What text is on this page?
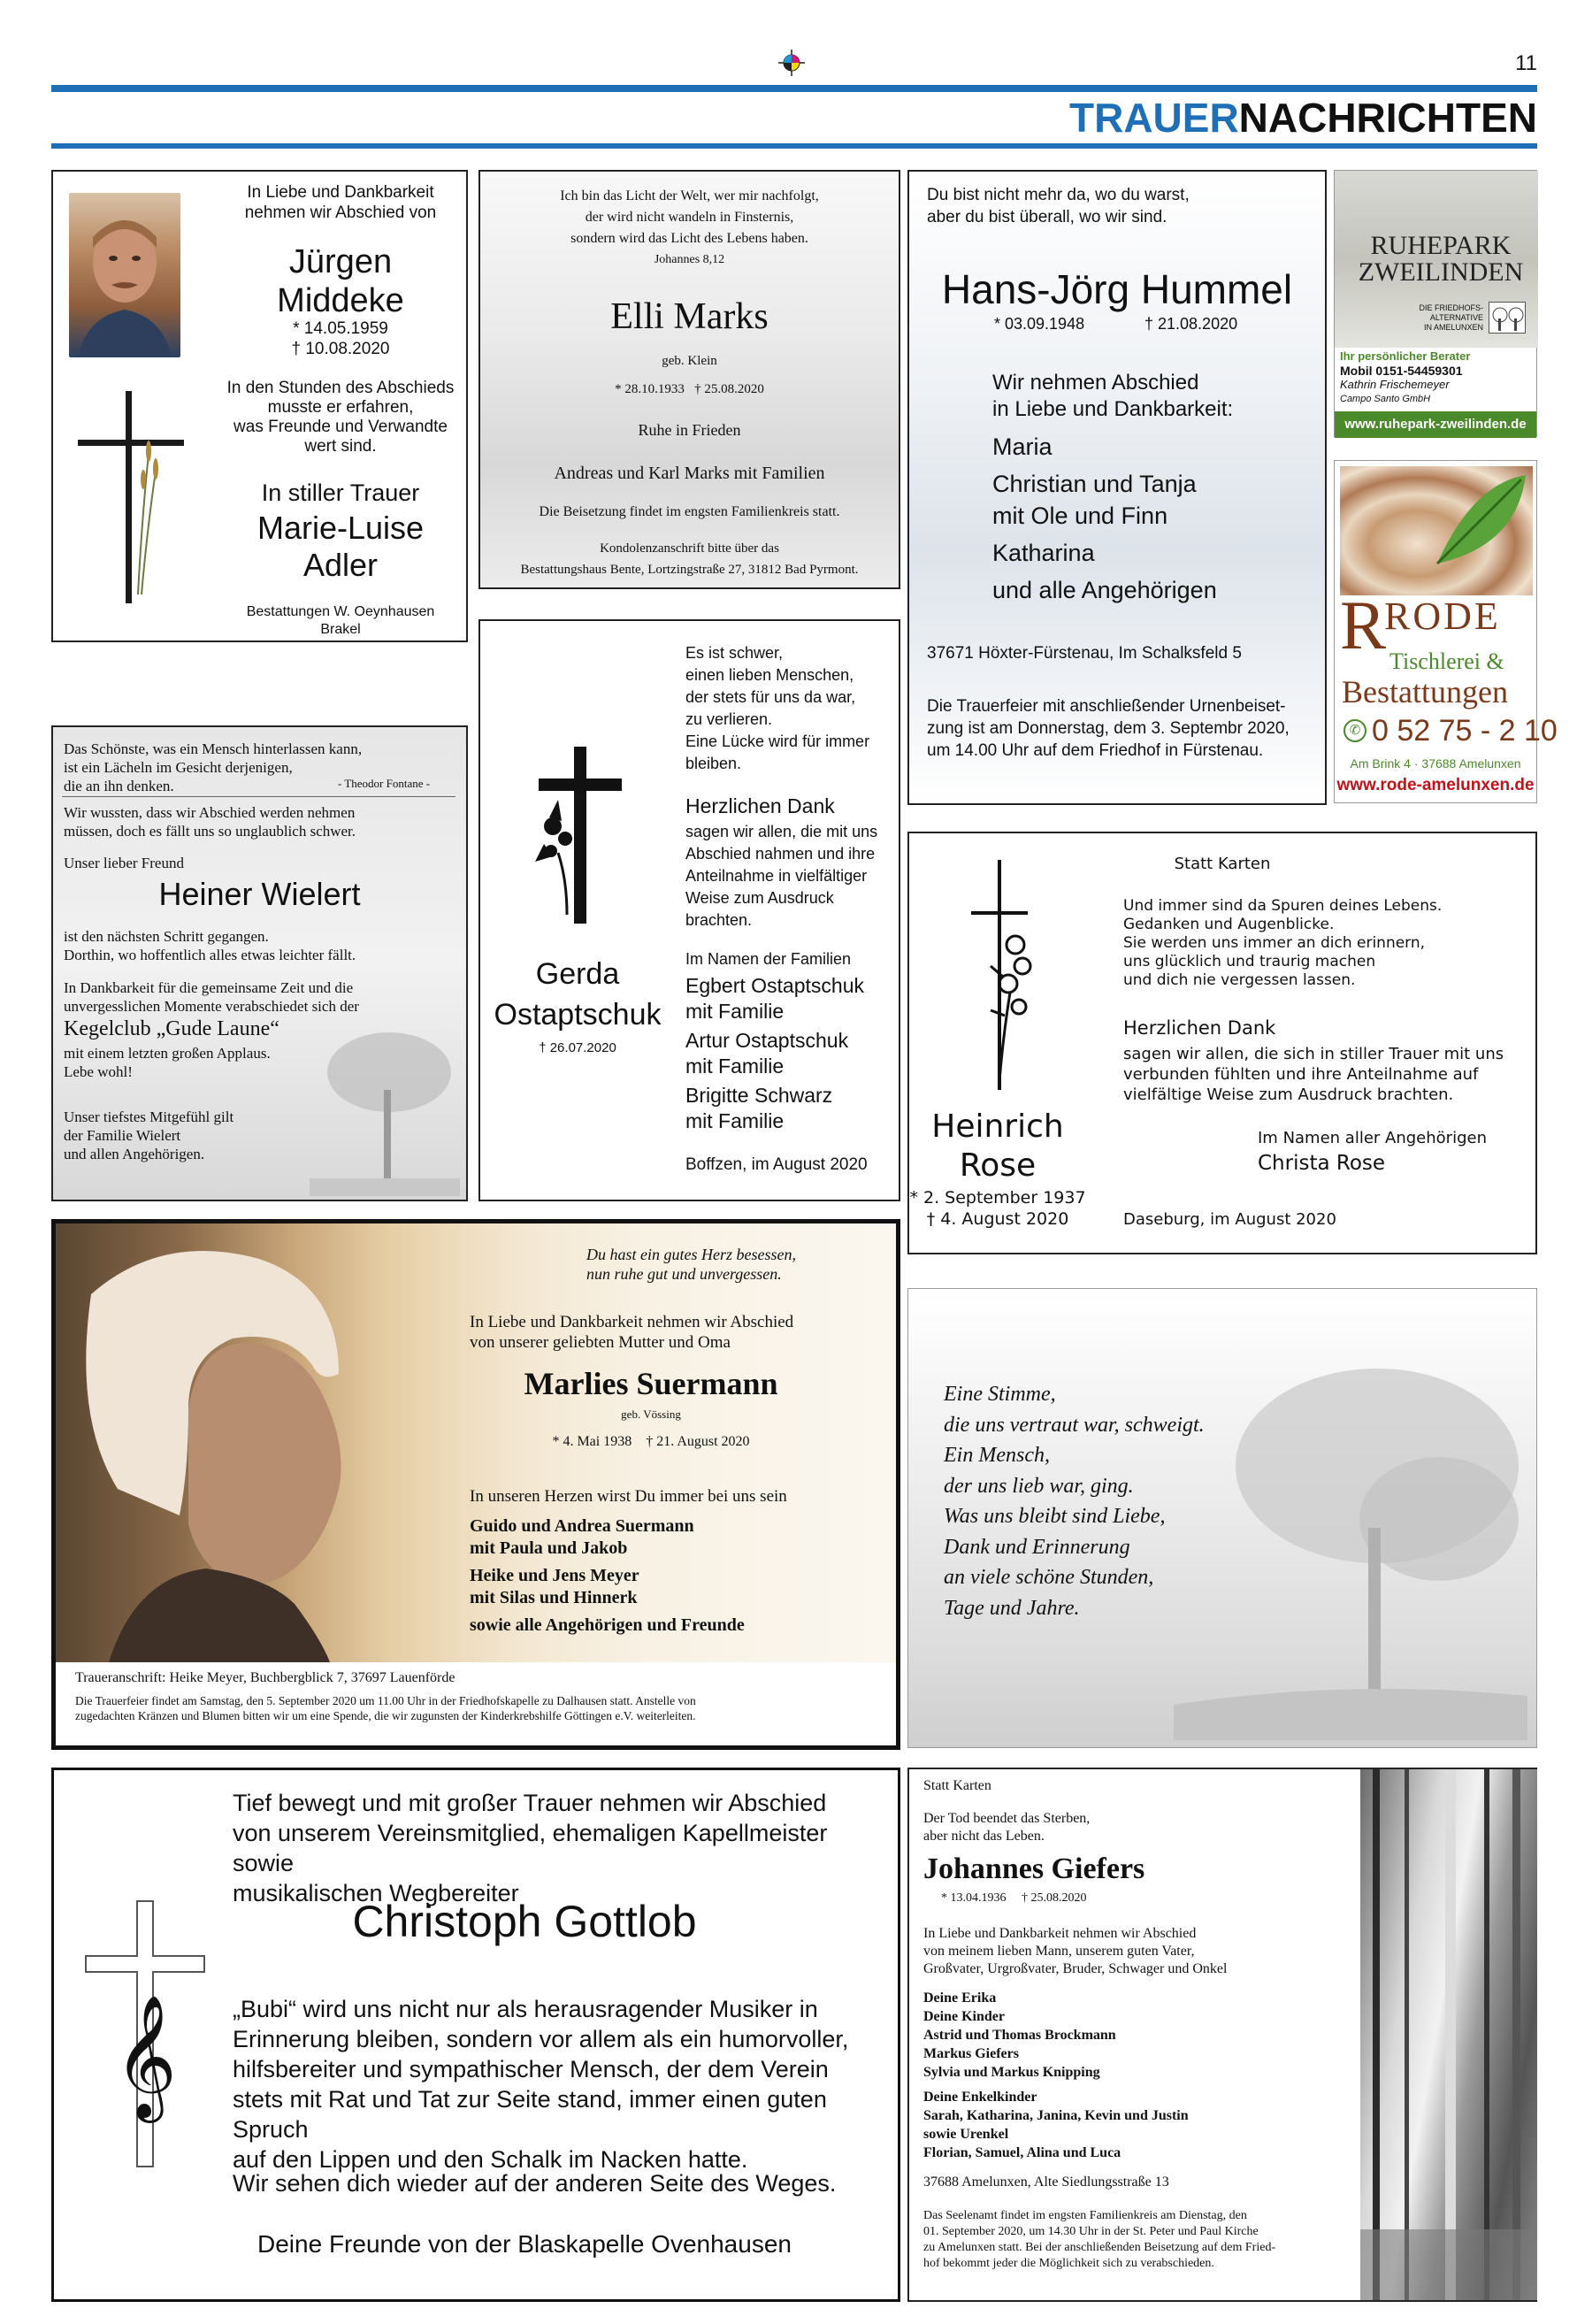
11
TRAUERNACHRICHTEN
In Liebe und Dankbarkeit
nehmen wir Abschied von
Jürgen
Middeke
* 14.05.1959
† 10.08.2020
In den Stunden des Abschieds
musste er erfahren,
was Freunde und Verwandte
wert sind.
In stiller Trauer
Marie-Luise
Adler
Bestattungen W. Oeynhausen
Brakel
Ich bin das Licht der Welt, wer mir nachfolgt,
der wird nicht wandeln in Finsternis,
sondern wird das Licht des Lebens haben.
Johannes 8,12
Elli Marks
geb. Klein
* 28.10.1933   † 25.08.2020
Ruhe in Frieden
Andreas und Karl Marks mit Familien
Die Beisetzung findet im engsten Familienkreis statt.
Kondolenzanschrift bitte über das
Bestattungshaus Bente, Lortzingstraße 27, 31812 Bad Pyrmont.
Du bist nicht mehr da, wo du warst,
aber du bist überall, wo wir sind.
Hans-Jörg Hummel
* 03.09.1948	† 21.08.2020
Wir nehmen Abschied
in Liebe und Dankbarkeit:
Maria
Christian und Tanja
mit Ole und Finn
Katharina
und alle Angehörigen
37671 Höxter-Fürstenau, Im Schalksfeld 5
Die Trauerfeier mit anschließender Urnenbeiset-
zung ist am Donnerstag, dem 3. Septembr 2020,
um 14.00 Uhr auf dem Friedhof in Fürstenau.
RUHEPARK
ZWEILINDEN
DIE FRIEDHOFS-
ALTERNATIVE
IN AMELUNXEN
Ihr persönlicher Berater
Mobil 0151-54459301
Kathrin Frischemeyer
Campo Santo GmbH
www.ruhepark-zweilinden.de
R
RODE
Tischlerei &
Bestattungen
✆ 0 52 75 - 2 10
Am Brink 4 · 37688 Amelunxen
www.rode-amelunxen.de
Das Schönste, was ein Mensch hinterlassen kann,
ist ein Lächeln im Gesicht derjenigen,
die an ihn denken.	- Theodor Fontane -
Wir wussten, dass wir Abschied werden nehmen
müssen, doch es fällt uns so unglaublich schwer.
Unser lieber Freund
Heiner Wielert
ist den nächsten Schritt gegangen.
Dorthin, wo hoffentlich alles etwas leichter fällt.
In Dankbarkeit für die gemeinsame Zeit und die
unvergesslichen Momente verabschiedet sich der
Kegelclub „Gude Laune“
mit einem letzten großen Applaus.
Lebe wohl!
Unser tiefstes Mitgefühl gilt
der Familie Wielert
und allen Angehörigen.
Gerda
Ostaptschuk
† 26.07.2020
Es ist schwer,
einen lieben Menschen,
der stets für uns da war,
zu verlieren.
Eine Lücke wird für immer
bleiben.
Herzlichen Dank
sagen wir allen, die mit uns
Abschied nahmen und ihre
Anteilnahme in vielfältiger
Weise zum Ausdruck
brachten.
Im Namen der Familien
Egbert Ostaptschuk
mit Familie
Artur Ostaptschuk
mit Familie
Brigitte Schwarz
mit Familie
Boffzen, im August 2020
Statt Karten
Heinrich
Rose
* 2. September 1937
† 4. August 2020
Und immer sind da Spuren deines Lebens.
Gedanken und Augenblicke.
Sie werden uns immer an dich erinnern,
uns glücklich und traurig machen
und dich nie vergessen lassen.
Herzlichen Dank
sagen wir allen, die sich in stiller Trauer mit uns
verbunden fühlten und ihre Anteilnahme auf
vielfältige Weise zum Ausdruck brachten.
Im Namen aller Angehörigen
Christa Rose
Daseburg, im August 2020
Du hast ein gutes Herz besessen,
nun ruhe gut und unvergessen.
In Liebe und Dankbarkeit nehmen wir Abschied
von unserer geliebten Mutter und Oma
Marlies Suermann
geb. Vössing
* 4. Mai 1938    † 21. August 2020
In unseren Herzen wirst Du immer bei uns sein
Guido und Andrea Suermann
mit Paula und Jakob
Heike und Jens Meyer
mit Silas und Hinnerk
sowie alle Angehörigen und Freunde
Traueranschrift: Heike Meyer, Buchbergblick 7, 37697 Lauenförde
Die Trauerfeier findet am Samstag, den 5. September 2020 um 11.00 Uhr in der Friedhofskapelle zu Dalhausen statt. Anstelle von
zugedachten Kränzen und Blumen bitten wir um eine Spende, die wir zugunsten der Kinderkrebshilfe Göttingen e.V. weiterleiten.
Eine Stimme,
die uns vertraut war, schweigt.
Ein Mensch,
der uns lieb war, ging.
Was uns bleibt sind Liebe,
Dank und Erinnerung
an viele schöne Stunden,
Tage und Jahre.
𝄞
Tief bewegt und mit großer Trauer nehmen wir Abschied
von unserem Vereinsmitglied, ehemaligen Kapellmeister sowie
musikalischen Wegbereiter
Christoph Gottlob
„Bubi“ wird uns nicht nur als herausragender Musiker in
Erinnerung bleiben, sondern vor allem als ein humorvoller,
hilfsbereiter und sympathischer Mensch, der dem Verein
stets mit Rat und Tat zur Seite stand, immer einen guten Spruch
auf den Lippen und den Schalk im Nacken hatte.
Wir sehen dich wieder auf der anderen Seite des Weges.
Deine Freunde von der Blaskapelle Ovenhausen
Statt Karten
Der Tod beendet das Sterben,
aber nicht das Leben.
Johannes Giefers
* 13.04.1936     † 25.08.2020
In Liebe und Dankbarkeit nehmen wir Abschied
von meinem lieben Mann, unserem guten Vater,
Großvater, Urgroßvater, Bruder, Schwager und Onkel
Deine Erika
Deine Kinder
Astrid und Thomas Brockmann
Markus Giefers
Sylvia und Markus Knipping
Deine Enkelkinder
Sarah, Katharina, Janina, Kevin und Justin
sowie Urenkel
Florian, Samuel, Alina und Luca
37688 Amelunxen, Alte Siedlungsstraße 13
Das Seelenamt findet im engsten Familienkreis am Dienstag, den
01. September 2020, um 14.30 Uhr in der St. Peter und Paul Kirche
zu Amelunxen statt. Bei der anschließenden Beisetzung auf dem Fried-
hof bekommt jeder die Möglichkeit sich zu verabschieden.
